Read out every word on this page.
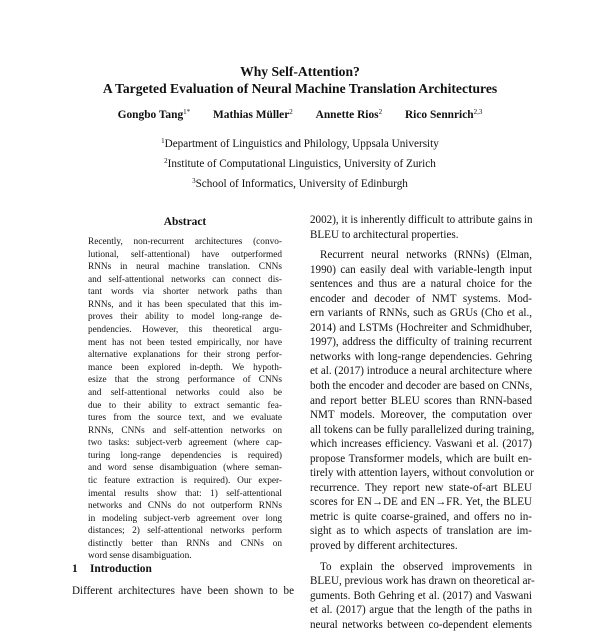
Why Self-Attention?
A Targeted Evaluation of Neural Machine Translation Architectures
Gongbo Tang$^{1*}$ Mathias Müller$^2$ Annette Rios$^2$ Rico Sennrich$^{2,3}$
$^1$Department of Linguistics and Philology, Uppsala University
$^2$Institute of Computational Linguistics, University of Zurich
$^3$School of Informatics, University of Edinburgh
Abstract
Recently, non-recurrent architectures (convo-
lutional, self-attentional) have outperformed
RNNs in neural machine translation. CNNs
and self-attentional networks can connect dis-
tant words via shorter network paths than
RNNs, and it has been speculated that this im-
proves their ability to model long-range de-
pendencies. However, this theoretical argu-
ment has not been tested empirically, nor have
alternative explanations for their strong perfor-
mance been explored in-depth. We hypoth-
esize that the strong performance of CNNs
and self-attentional networks could also be
due to their ability to extract semantic fea-
tures from the source text, and we evaluate
RNNs, CNNs and self-attention networks on
two tasks: subject-verb agreement (where cap-
turing long-range dependencies is required)
and word sense disambiguation (where seman-
tic feature extraction is required). Our exper-
imental results show that: 1) self-attentional
networks and CNNs do not outperform RNNs
in modeling subject-verb agreement over long
distances; 2) self-attentional networks perform
distinctly better than RNNs and CNNs on
word sense disambiguation.
1 Introduction
Different architectures have been shown to be
2002), it is inherently difficult to attribute gains in
BLEU to architectural properties.
Recurrent neural networks (RNNs) (Elman,
1990) can easily deal with variable-length input
sentences and thus are a natural choice for the
encoder and decoder of NMT systems. Mod-
ern variants of RNNs, such as GRUs (Cho et al.,
2014) and LSTMs (Hochreiter and Schmidhuber,
1997), address the difficulty of training recurrent
networks with long-range dependencies. Gehring
et al. (2017) introduce a neural architecture where
both the encoder and decoder are based on CNNs,
and report better BLEU scores than RNN-based
NMT models. Moreover, the computation over
all tokens can be fully parallelized during training,
which increases efficiency. Vaswani et al. (2017)
propose Transformer models, which are built en-
tirely with attention layers, without convolution or
recurrence. They report new state-of-art BLEU
scores for EN→DE and EN→FR. Yet, the BLEU
metric is quite coarse-grained, and offers no in-
sight as to which aspects of translation are im-
proved by different architectures.
To explain the observed improvements in
BLEU, previous work has drawn on theoretical ar-
guments. Both Gehring et al. (2017) and Vaswani
et al. (2017) argue that the length of the paths in
neural networks between co-dependent elements
